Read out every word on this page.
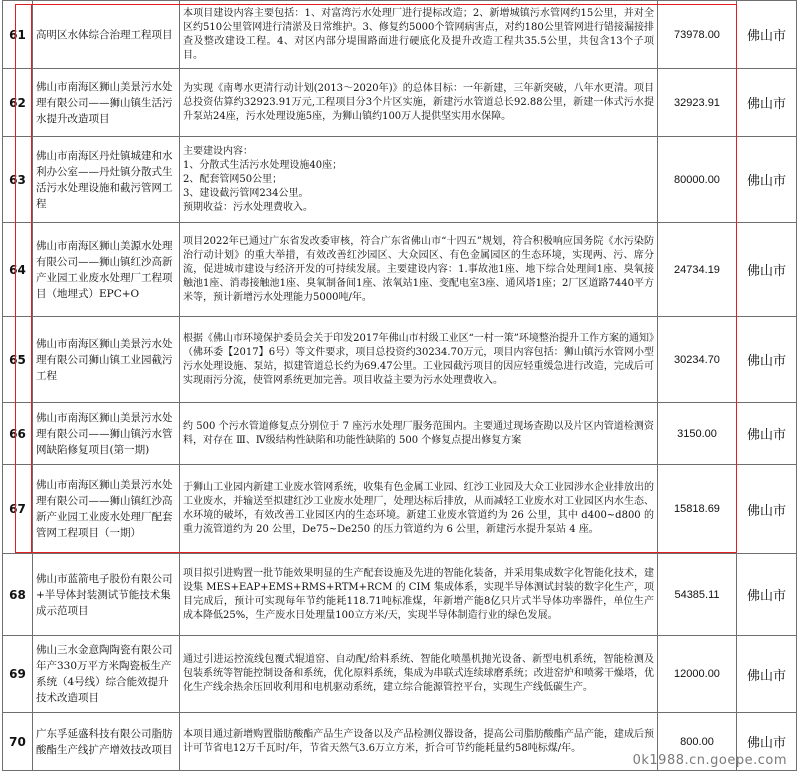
61	高明区水体综合治理工程项目	本项目建设内容主要包括：1、对富湾污水处理厂进行提标改造；2、新增城镇污水管网约15公里，并对全区约510公里管网进行清淤及日常维护。3、修复约5000个管网病害点，对约180公里管网进行错接漏接排查及整改建设工程。4、对区内部分堤围路面进行硬底化及提升改造工程共35.5公里，共包含13个子项目。	73978.00	佛山市
62	佛山市南海区狮山美景污水处理有限公司——狮山镇生活污水提升改造项目	为实现《南粤水更清行动计划(2013～2020年)》的总体目标：一年新建，三年新突破，八年水更清。项目总投资估算约32923.91万元,工程项目分3个片区实施，新建污水管道总长92.88公里，新建一体式污水提升泵站24座，污水处理设施5座，为狮山镇约100万人提供坚实用水保障。	32923.91	佛山市
63	佛山市南海区丹灶镇城建和水利办公室——丹灶镇分散式生活污水处理设施和截污管网工程	主要建设内容：
1、分散式生活污水处理设施40座；
2、配套管网50公里；
3、建设截污管网234公里。
预期收益：污水处理费收入。	80000.00	佛山市
64	佛山市南海区狮山美源水处理有限公司——狮山镇红沙高新产业园工业废水处理厂工程项目（地埋式）EPC+O	项目2022年已通过广东省发改委审核，符合广东省佛山市“十四五”规划，符合积极响应国务院《水污染防治行动计划》的重大举措，有效改善红沙园区、大众园区、有色金属园区的生态环境，实现两、污、席分流，促进城市建设与经济开发的可持续发展。主要建设内容：1.事故池1座、地下综合处理间1座、臭氧接触池1座、消毒接触池1座、臭氧制备间1座、浓氧站1座、变配电室3座、通风塔1座；2厂区道路7440平方米等，预计新增污水处理能力5000吨/年。	24734.19	佛山市
65	佛山市南海区狮山美景污水处理有限公司狮山镇工业园截污工程	根据《佛山市环境保护委员会关于印发2017年佛山市村级工业区“一村一策”环境整治提升工作方案的通知》（佛环委【2017】6号）等文件要求，项目总投资约30234.70万元，项目内容包括：狮山镇污水管网小型污水处理设施、泵站，拟建管道总长约为69.47公里。工业园截污项目的因应轻重缓急进行改造，完成后可实现雨污分流，使管网系统更加完善。项目收益主要为污水处理费收入。	30234.70	佛山市
66	佛山市南海区狮山美景污水处理有限公司——狮山镇污水管网缺陷修复项目(第一期)	约 500 个污水管道修复点分别位于 7 座污水处理厂服务范围内。主要通过现场查勘以及片区内管道检测资料，对存在 Ⅲ、Ⅳ级结构性缺陷和功能性缺陷的 500 个修复点提出修复方案	3150.00	佛山市
67	佛山市南海区狮山美景污水处理有限公司——狮山镇红沙高新产业园工业废水处理厂配套管网工程项目（一期）	于狮山工业园内新建工业废水管网系统，收集有色金属工业园、红沙工业园及大众工业园涉水企业排放出的工业废水，并输送至拟建红沙工业废水处理厂，处理达标后排放，从而减轻工业废水对工业园区内水生态、水环境的破坏，有效改善工业园区内的生态环境。新建工业废水管道约为 26 公里，其中 d400~d800 的重力流管道约为 20 公里，De75~De250 的压力管道约为 6 公里，新建污水提升泵站 4 座。	15818.69	佛山市
68	佛山市蓝箭电子股份有限公司+半导体封装测试节能技术集成示范项目	项目拟引进购置一批节能效果明显的生产配套设施及先进的智能化装备，并采用集成数字化智能化技术，建设集 MES+EAP+EMS+RMS+RTM+RCM 的 CIM 集成体系，实现半导体测试封装的数字化生产，项目完成后，预计可实现每年节约能耗118.71吨标准煤，年新增产能8亿只片式半导体功率器件，单位生产成本降低25%，生产废水日处理量100立方米/天，实现半导体制造行业的绿色发展。	54385.11	佛山市
69	佛山三水金意陶陶瓷有限公司年产330万平方米陶瓷板生产系统（4号线）综合能效提升技术改造项目	通过引进运控流线包覆式辊道窑、自动配/给料系统、智能化喷墨机抛光设备、新型电机系统，智能检测及包装系统等智能控制设备和系统，优化原料系统，集成为串联式连续球磨系统；改进窑炉和喷雾干燥塔，优化生产线余热余压回收利用和电机驱动系统，建立综合能源管控平台，实现生产线低碳生产。	12000.00	佛山市
70	广东孚延盛科技有限公司脂肪酸酯生产线扩产增效技改项目	本项目通过新增购置脂肪酸酯产品生产设备以及产品检测仪器设备，提高公司脂肪酸酯产品产能，建成后预计可节省电12万千瓦时/年，节省天然气3.6万立方米，折合可节约能耗量约58吨标煤/年。	800.00	佛山市
0k1988.cn.goepe.com
